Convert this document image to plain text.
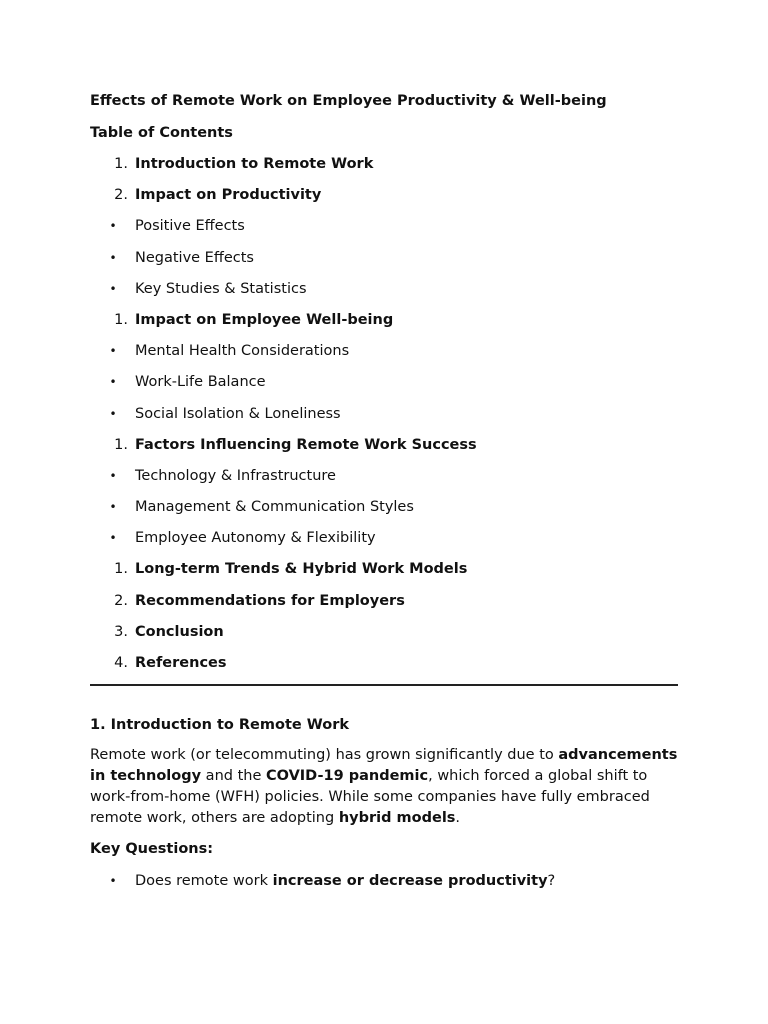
Effects of Remote Work on Employee Productivity & Well-being

Table of Contents

1. Introduction to Remote Work
2. Impact on Productivity
• Positive Effects
• Negative Effects
• Key Studies & Statistics
1. Impact on Employee Well-being
• Mental Health Considerations
• Work-Life Balance
• Social Isolation & Loneliness
1. Factors Influencing Remote Work Success
• Technology & Infrastructure
• Management & Communication Styles
• Employee Autonomy & Flexibility
1. Long-term Trends & Hybrid Work Models
2. Recommendations for Employers
3. Conclusion
4. References
1. Introduction to Remote Work

Remote work (or telecommuting) has grown significantly due to advancements in technology and the COVID-19 pandemic, which forced a global shift to work-from-home (WFH) policies. While some companies have fully embraced remote work, others are adopting hybrid models.

Key Questions:

• Does remote work increase or decrease productivity?
